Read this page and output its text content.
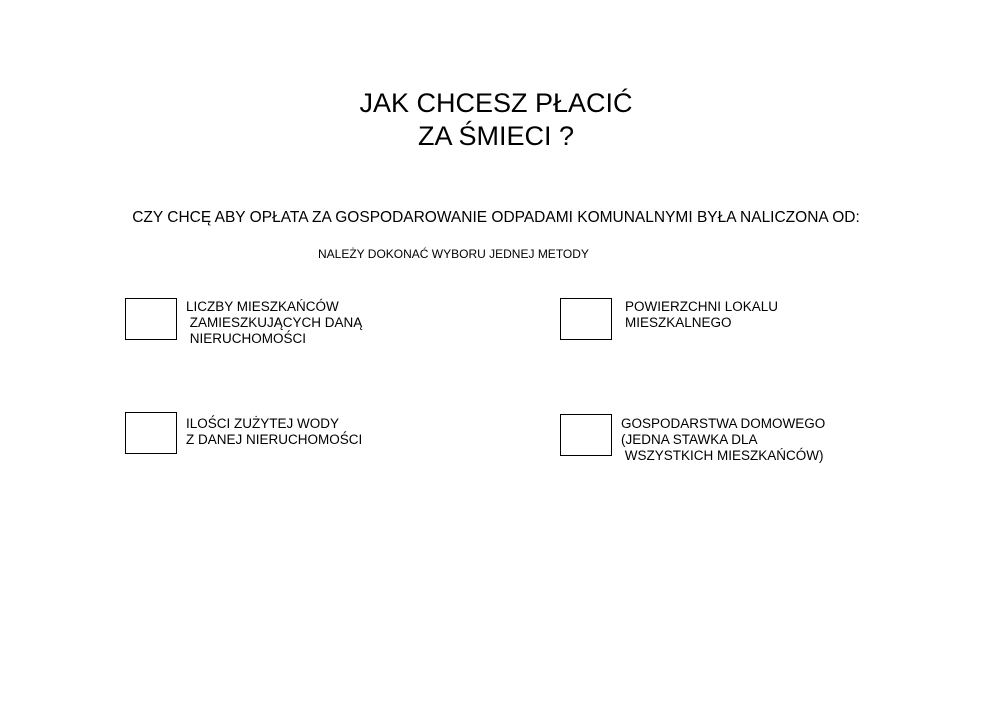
JAK CHCESZ PŁACIĆ
ZA ŚMIECI ?
CZY CHCĘ ABY OPŁATA ZA GOSPODAROWANIE ODPADAMI KOMUNALNYMI BYŁA NALICZONA OD:
NALEŻY DOKONAĆ WYBORU JEDNEJ METODY
LICZBY MIESZKAŃCÓW
ZAMIESZKUJĄCYCH DANĄ
NIERUCHOMOŚCI
POWIERZCHNI LOKALU
MIESZKALNEGO
ILOŚCI ZUŻYTEJ WODY
Z DANEJ NIERUCHOMOŚCI
GOSPODARSTWA DOMOWEGO
(JEDNA STAWKA DLA
WSZYSTKICH MIESZKAŃCÓW)
